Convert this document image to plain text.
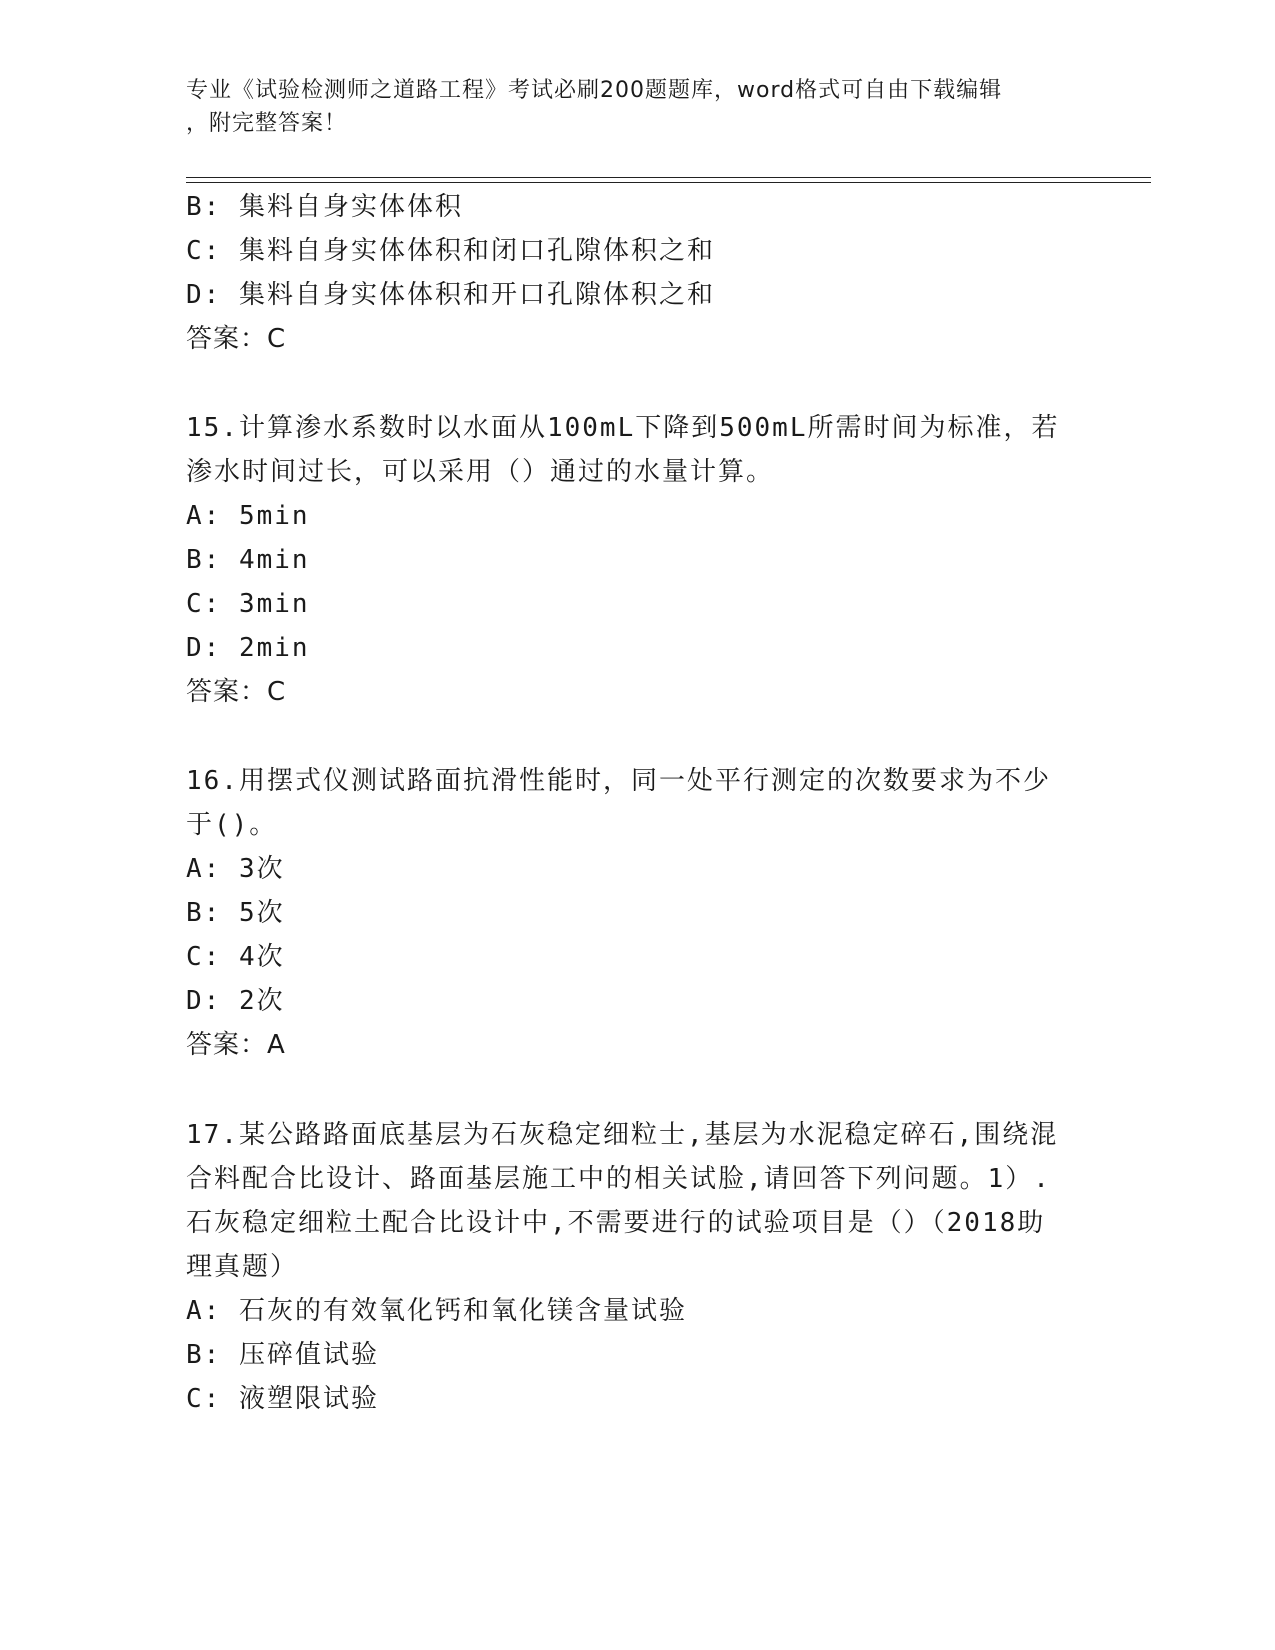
专业《试验检测师之道路工程》考试必刷200题题库，word格式可自由下载编辑
，附完整答案！
B: 集料自身实体体积
C: 集料自身实体体积和闭口孔隙体积之和
D: 集料自身实体体积和开口孔隙体积之和
答案：C
15.计算渗水系数时以水面从100mL下降到500mL所需时间为标准，若
渗水时间过长，可以采用（）通过的水量计算。
A: 5min
B: 4min
C: 3min
D: 2min
答案：C
16.用摆式仪测试路面抗滑性能时，同一处平行测定的次数要求为不少
于()。
A: 3次
B: 5次
C: 4次
D: 2次
答案：A
17.某公路路面底基层为石灰稳定细粒士,基层为水泥稳定碎石,围绕混
合料配合比设计、路面基层施工中的相关试脸,请回答下列问题。1）.
石灰稳定细粒土配合比设计中,不需要进行的试验项目是（）（2018助
理真题）
A: 石灰的有效氧化钙和氧化镁含量试验
B: 压碎值试验
C: 液塑限试验
